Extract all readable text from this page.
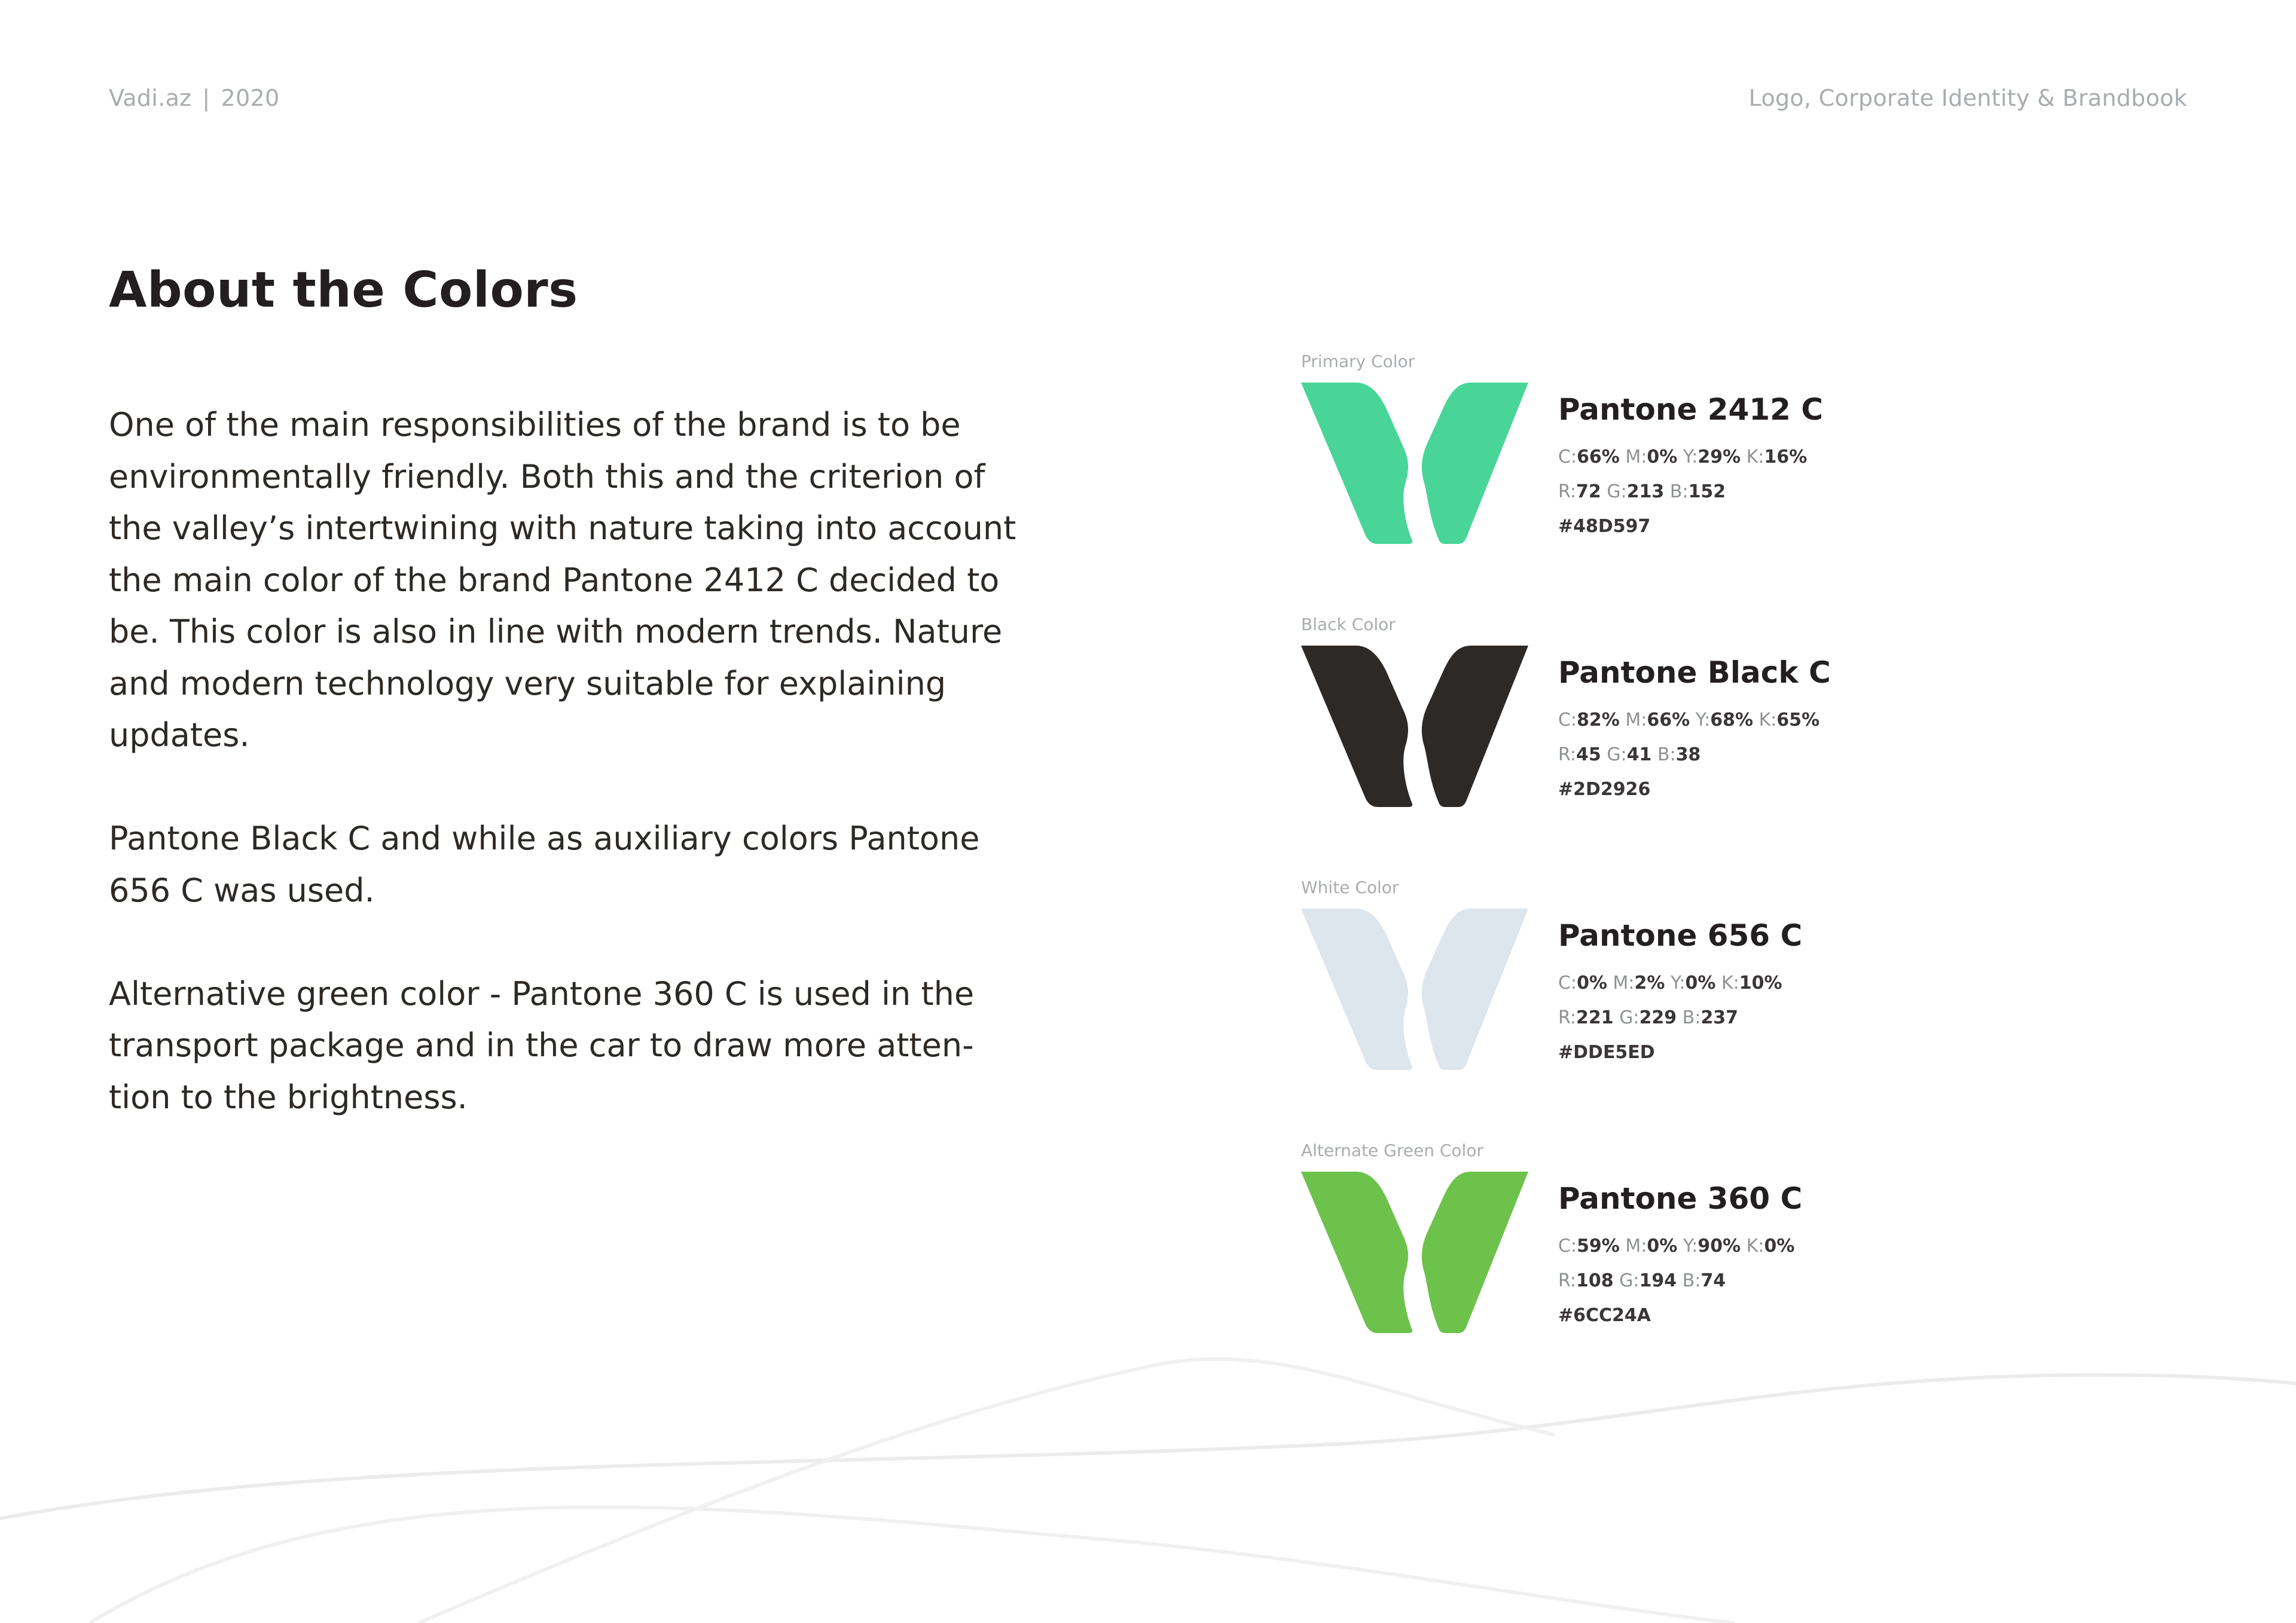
Vadi.az | 2020	Logo, Corporate Identity & Brandbook
About the Colors

One of the main responsibilities of the brand is to be environmentally friendly. Both this and the criterion of the valley’s intertwining with nature taking into account the main color of the brand Pantone 2412 C decided to be. This color is also in line with modern trends. Nature and modern technology very suitable for explaining updates.

Pantone Black C and while as auxiliary colors Pantone 656 C was used.

Alternative green color - Pantone 360 C is used in the transport package and in the car to draw more atten- tion to the brightness.

Primary Color
Pantone 2412 C
C:66% M:0% Y:29% K:16%
R:72 G:213 B:152
#48D597
Black Color
Pantone Black C
C:82% M:66% Y:68% K:65%
R:45 G:41 B:38
#2D2926
White Color
Pantone 656 C
C:0% M:2% Y:0% K:10%
R:221 G:229 B:237
#DDE5ED
Alternate Green Color
Pantone 360 C
C:59% M:0% Y:90% K:0%
R:108 G:194 B:74
#6CC24A
